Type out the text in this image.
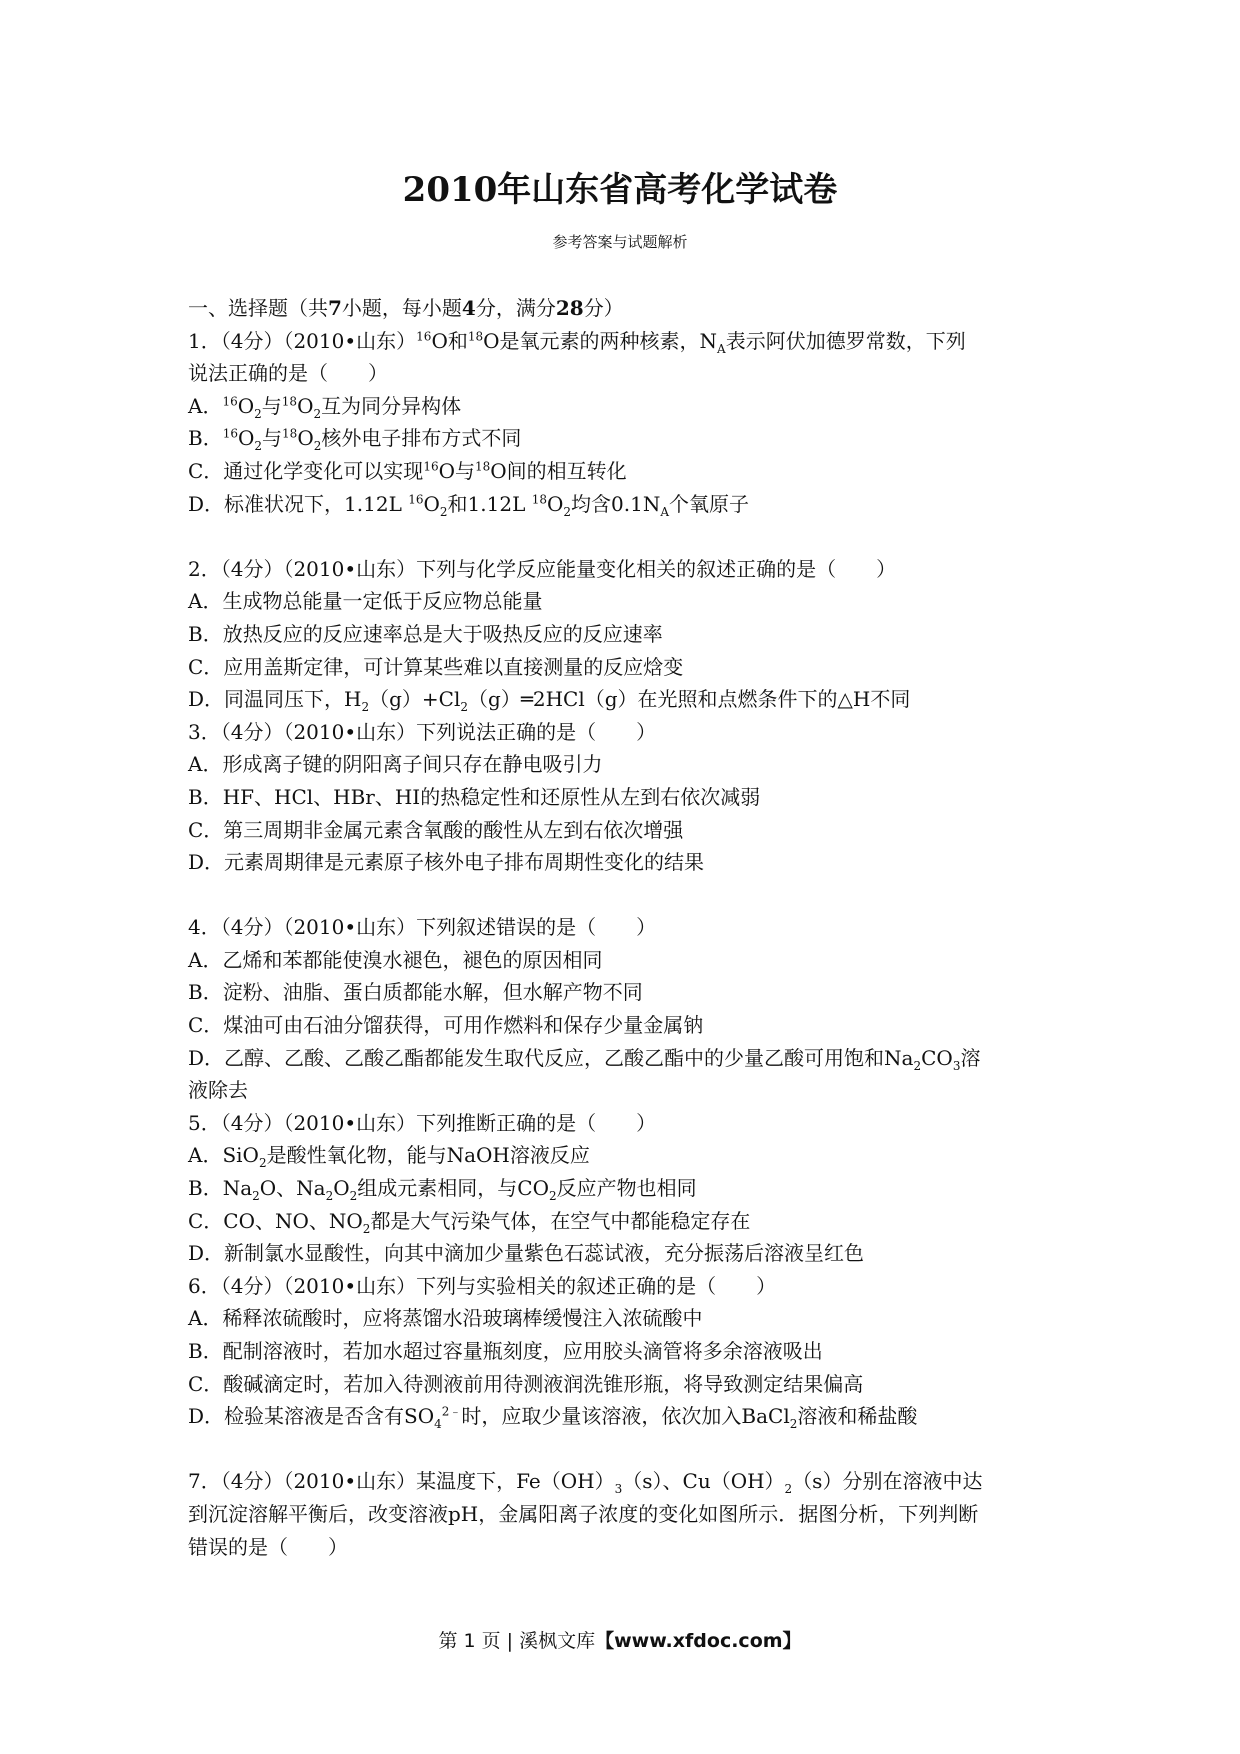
2010年山东省高考化学试卷
参考答案与试题解析

一、选择题（共7小题，每小题4分，满分28分）

1．（4分）（2010•山东）$^{16}$O和$^{18}$O是氧元素的两种核素，$N_A$表示阿伏加德罗常数，下列

说法正确的是（　　）

A．$^{16}O_2$与$^{18}O_2$互为同分异构体

B．$^{16}O_2$与$^{18}O_2$核外电子排布方式不同

C．通过化学变化可以实现$^{16}$O与$^{18}$O间的相互转化

D．标准状况下，1.12L $^{16}O_2$和1.12L $^{18}O_2$均含$0.1N_A$个氧原子

2．（4分）（2010•山东）下列与化学反应能量变化相关的叙述正确的是（　　）

A．生成物总能量一定低于反应物总能量

B．放热反应的反应速率总是大于吸热反应的反应速率

C．应用盖斯定律，可计算某些难以直接测量的反应焓变

D．同温同压下，$H_2(g)+Cl_2(g)═2HCl(g)$在光照和点燃条件下的△H不同

3．（4分）（2010•山东）下列说法正确的是（　　）

A．形成离子键的阴阳离子间只存在静电吸引力

B．HF、HCl、HBr、HI的热稳定性和还原性从左到右依次减弱

C．第三周期非金属元素含氧酸的酸性从左到右依次增强

D．元素周期律是元素原子核外电子排布周期性变化的结果

4．（4分）（2010•山东）下列叙述错误的是（　　）

A．乙烯和苯都能使溴水褪色，褪色的原因相同

B．淀粉、油脂、蛋白质都能水解，但水解产物不同

C．煤油可由石油分馏获得，可用作燃料和保存少量金属钠

D．乙醇、乙酸、乙酸乙酯都能发生取代反应，乙酸乙酯中的少量乙酸可用饱和$Na_2CO_3$溶

液除去

5．（4分）（2010•山东）下列推断正确的是（　　）

A．SiO$_2$是酸性氧化物，能与NaOH溶液反应

B．$Na_2O$、$Na_2O_2$组成元素相同，与$CO_2$反应产物也相同

C．CO、NO、$NO_2$都是大气污染气体，在空气中都能稳定存在

D．新制氯水显酸性，向其中滴加少量紫色石蕊试液，充分振荡后溶液呈红色

6．（4分）（2010•山东）下列与实验相关的叙述正确的是（　　）

A．稀释浓硫酸时，应将蒸馏水沿玻璃棒缓慢注入浓硫酸中

B．配制溶液时，若加水超过容量瓶刻度，应用胶头滴管将多余溶液吸出

C．酸碱滴定时，若加入待测液前用待测液润洗锥形瓶，将导致测定结果偏高

D．检验某溶液是否含有$SO_4^{2﹣}$时，应取少量该溶液，依次加入BaCl$_2$溶液和稀盐酸

7．（4分）（2010•山东）某温度下，$Fe(OH)_3(s)$、$Cu(OH)_2(s)$分别在溶液中达

到沉淀溶解平衡后，改变溶液pH，金属阳离子浓度的变化如图所示．据图分析，下列判断

错误的是（　　）

第 1 页 | 溪枫文库【www.xfdoc.com】
